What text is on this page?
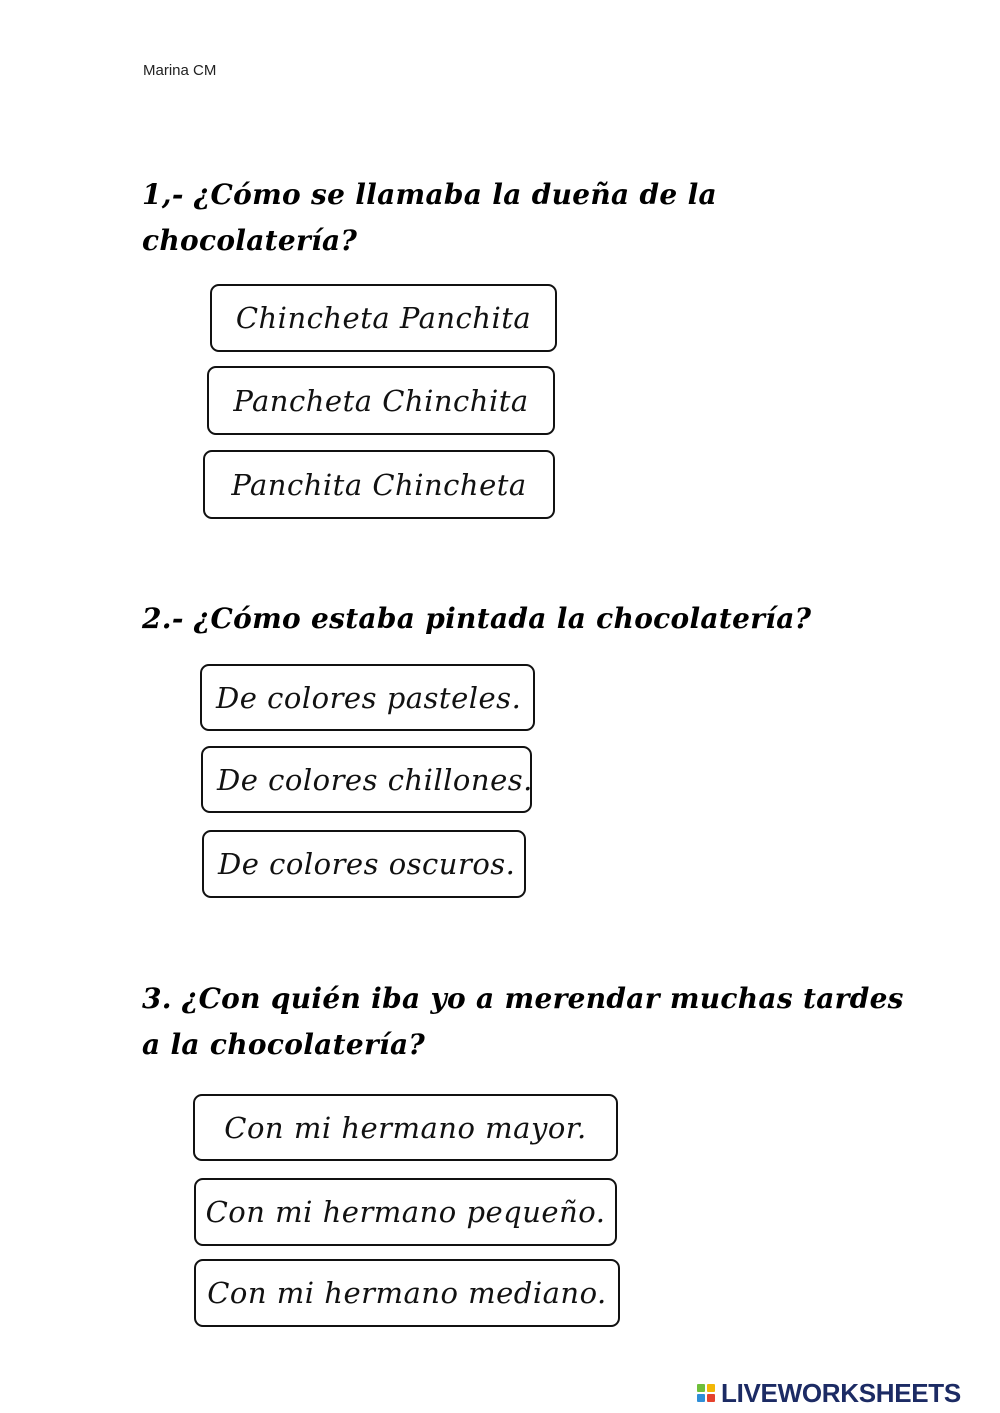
Marina CM

1,- ¿Cómo se llamaba la dueña de la
chocolatería?

Chincheta Panchita
Pancheta Chinchita
Panchita Chincheta

2.- ¿Cómo estaba pintada la chocolatería?

De colores pasteles.
De colores chillones.
De colores oscuros.

3. ¿Con quién iba yo a merendar muchas tardes
a la chocolatería?

Con mi hermano mayor.
Con mi hermano pequeño.
Con mi hermano mediano.
LIVEWORKSHEETS
